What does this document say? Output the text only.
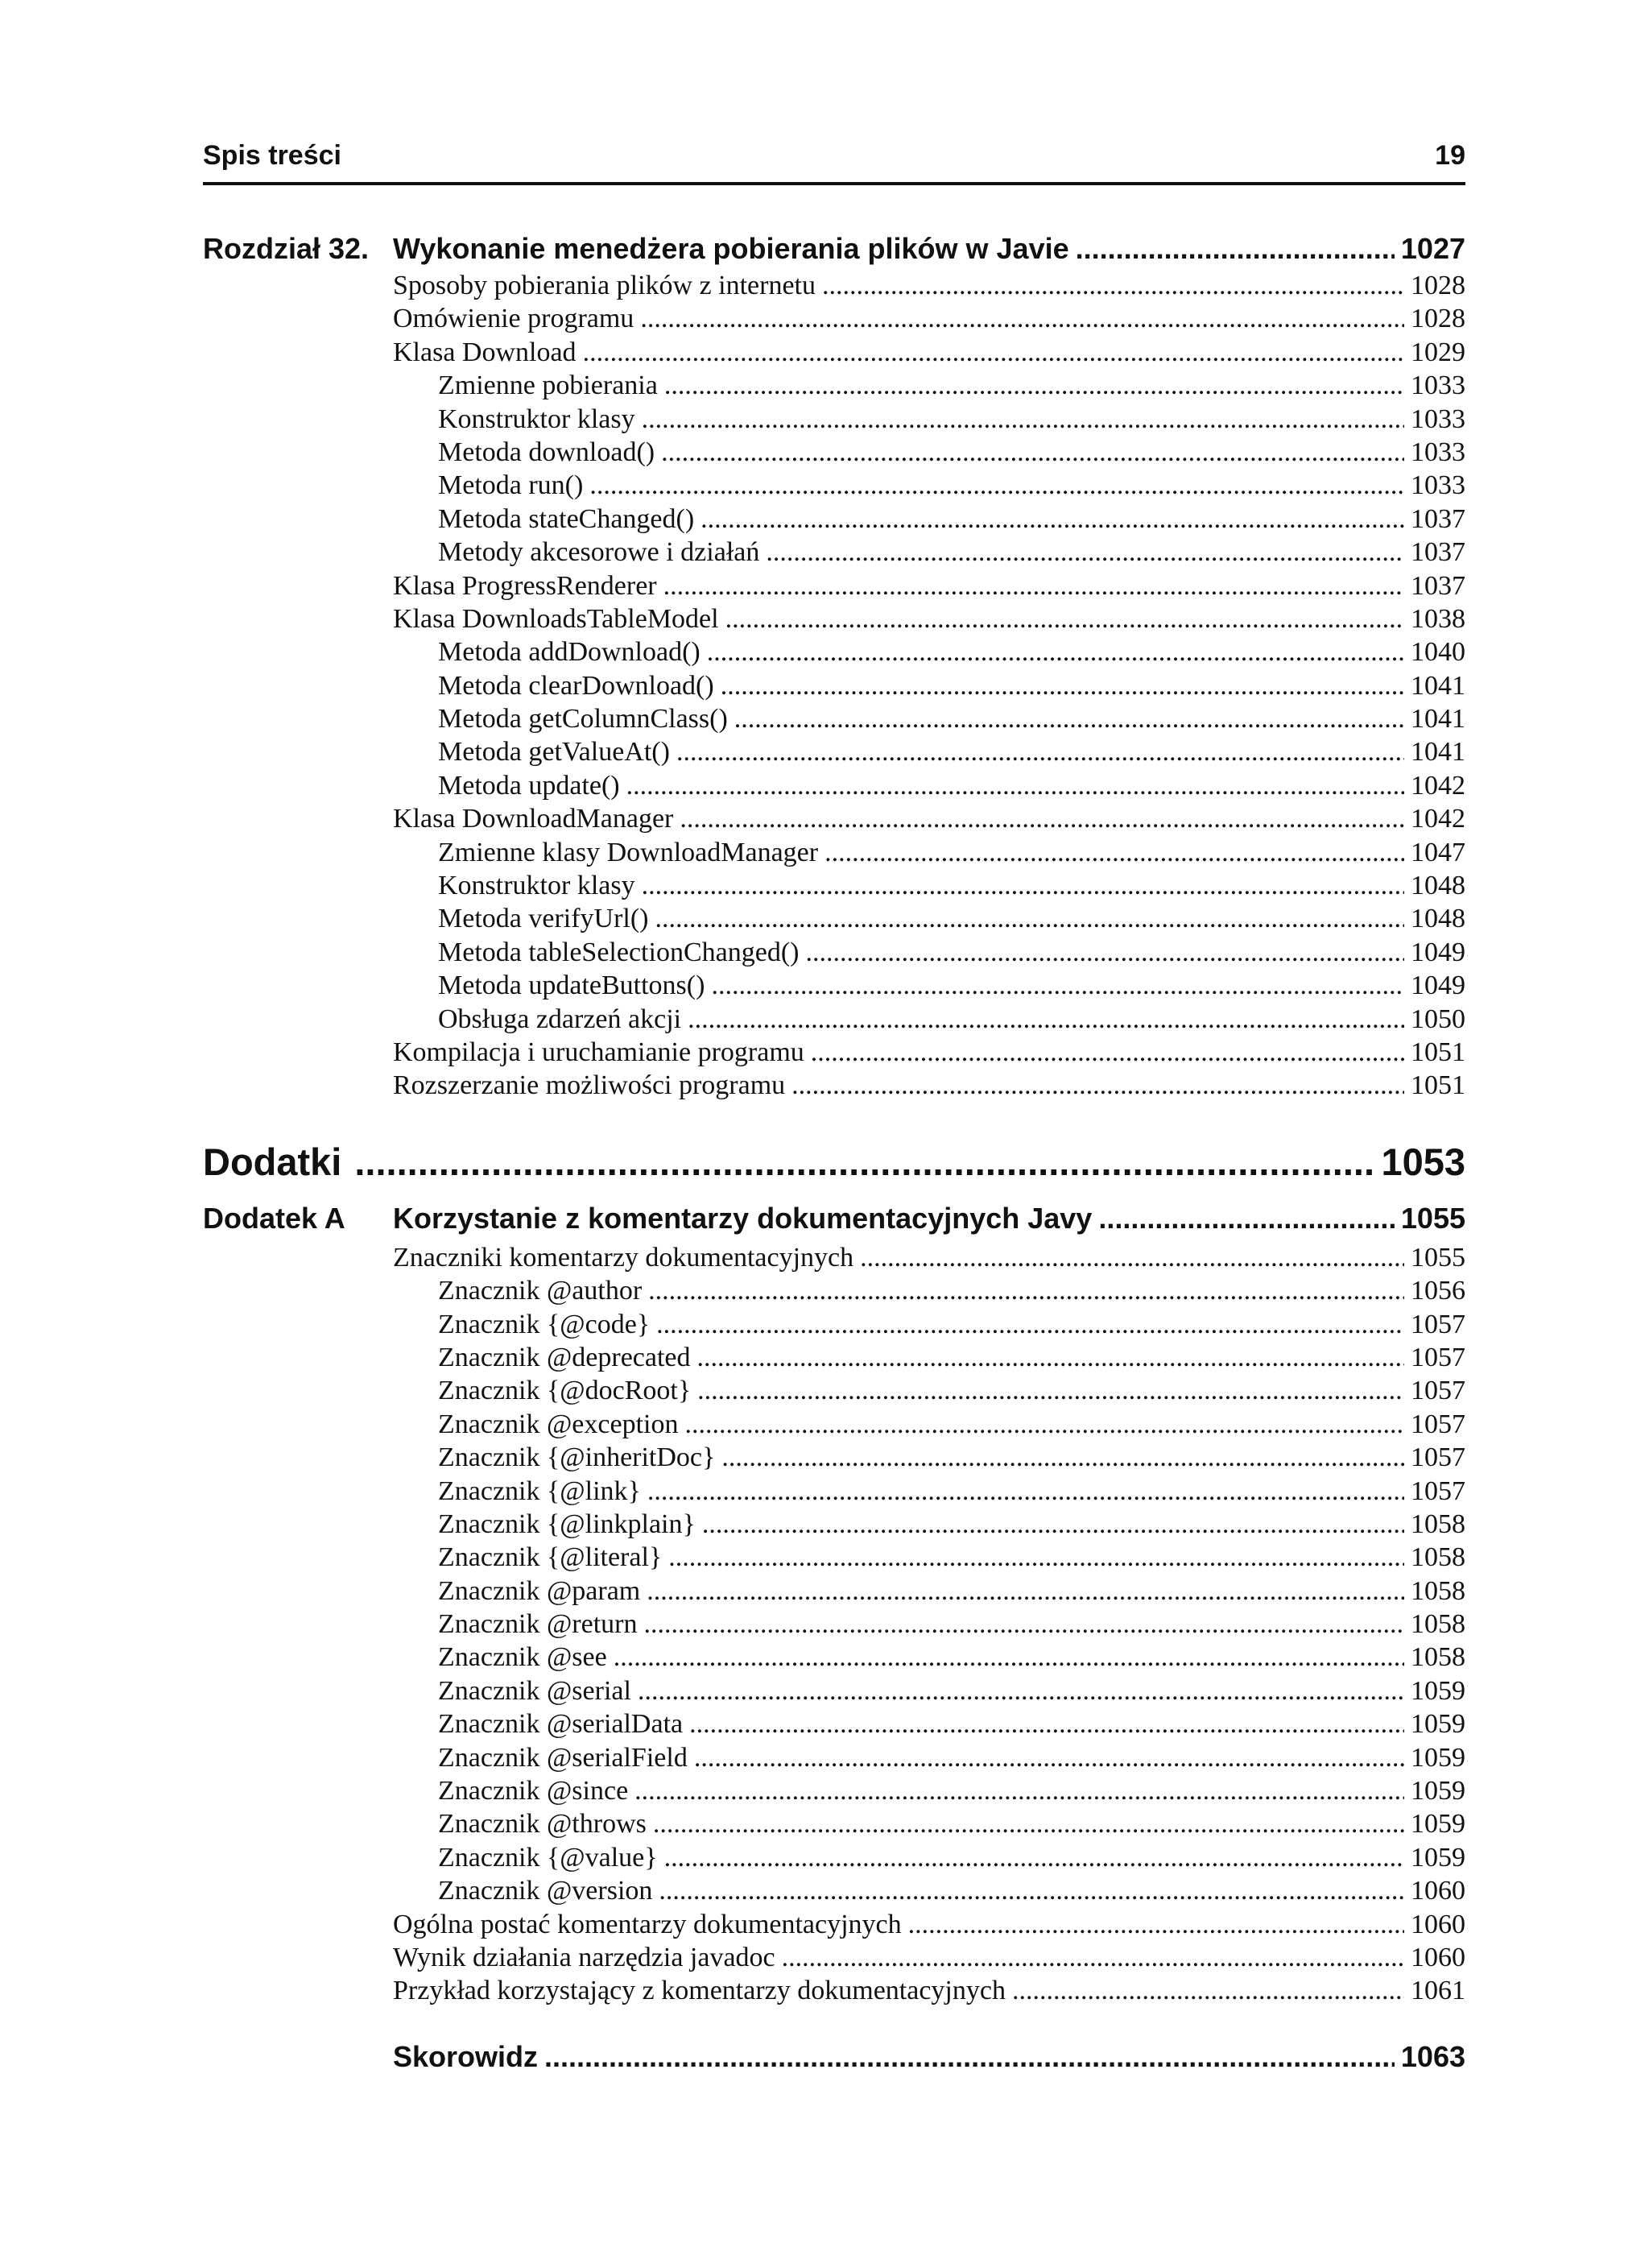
Spis treści	19
Rozdział 32. Wykonanie menedżera pobierania plików w Javie .....	1027
Sposoby pobierania plików z internetu .....	1028
Omówienie programu .....	1028
Klasa Download .....	1029
Zmienne pobierania .....	1033
Konstruktor klasy .....	1033
Metoda download() .....	1033
Metoda run() .....	1033
Metoda stateChanged() .....	1037
Metody akcesorowe i działań .....	1037
Klasa ProgressRenderer .....	1037
Klasa DownloadsTableModel .....	1038
Metoda addDownload() .....	1040
Metoda clearDownload() .....	1041
Metoda getColumnClass() .....	1041
Metoda getValueAt() .....	1041
Metoda update() .....	1042
Klasa DownloadManager .....	1042
Zmienne klasy DownloadManager .....	1047
Konstruktor klasy .....	1048
Metoda verifyUrl() .....	1048
Metoda tableSelectionChanged() .....	1049
Metoda updateButtons() .....	1049
Obsługa zdarzeń akcji .....	1050
Kompilacja i uruchamianie programu .....	1051
Rozszerzanie możliwości programu .....	1051
Dodatki .....	1053
Dodatek A	Korzystanie z komentarzy dokumentacyjnych Javy .....	1055
Znaczniki komentarzy dokumentacyjnych .....	1055
Znacznik @author .....	1056
Znacznik {@code} .....	1057
Znacznik @deprecated .....	1057
Znacznik {@docRoot} .....	1057
Znacznik @exception .....	1057
Znacznik {@inheritDoc} .....	1057
Znacznik {@link} .....	1057
Znacznik {@linkplain} .....	1058
Znacznik {@literal} .....	1058
Znacznik @param .....	1058
Znacznik @return .....	1058
Znacznik @see .....	1058
Znacznik @serial .....	1059
Znacznik @serialData .....	1059
Znacznik @serialField .....	1059
Znacznik @since .....	1059
Znacznik @throws .....	1059
Znacznik {@value} .....	1059
Znacznik @version .....	1060
Ogólna postać komentarzy dokumentacyjnych .....	1060
Wynik działania narzędzia javadoc .....	1060
Przykład korzystający z komentarzy dokumentacyjnych .....	1061
Skorowidz .....	1063
